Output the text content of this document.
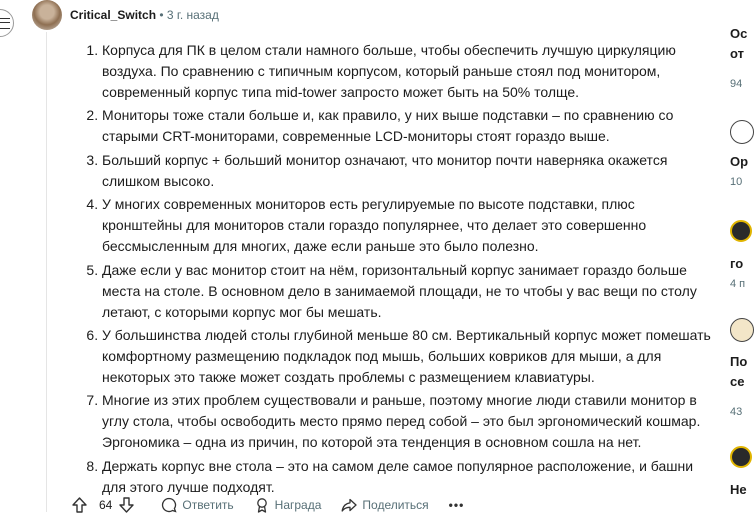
Critical_Switch • 3 г. назад
1. Корпуса для ПК в целом стали намного больше, чтобы обеспечить лучшую циркуляцию воздуха. По сравнению с типичным корпусом, который раньше стоял под монитором, современный корпус типа mid-tower запросто может быть на 50% толще.
2. Мониторы тоже стали больше и, как правило, у них выше подставки – по сравнению со старыми CRT-мониторами, современные LCD-мониторы стоят гораздо выше.
3. Больший корпус + больший монитор означают, что монитор почти наверняка окажется слишком высоко.
4. У многих современных мониторов есть регулируемые по высоте подставки, плюс кронштейны для мониторов стали гораздо популярнее, что делает это совершенно бессмысленным для многих, даже если раньше это было полезно.
5. Даже если у вас монитор стоит на нём, горизонтальный корпус занимает гораздо больше места на столе. В основном дело в занимаемой площади, не то чтобы у вас вещи по столу летают, с которыми корпус мог бы мешать.
6. У большинства людей столы глубиной меньше 80 см. Вертикальный корпус может помешать комфортному размещению подкладок под мышь, больших ковриков для мыши, а для некоторых это также может создать проблемы с размещением клавиатуры.
7. Многие из этих проблем существовали и раньше, поэтому многие люди ставили монитор в углу стола, чтобы освободить место прямо перед собой – это был эргономический кошмар. Эргономика – одна из причин, по которой эта тенденция в основном сошла на нет.
8. Держать корпус вне стола – это на самом деле самое популярное расположение, и башни для этого лучше подходят.
64	Ответить	Награда	Поделиться •••
Oc
от
94
Op
10
го
4 п
По
се
43
Не
